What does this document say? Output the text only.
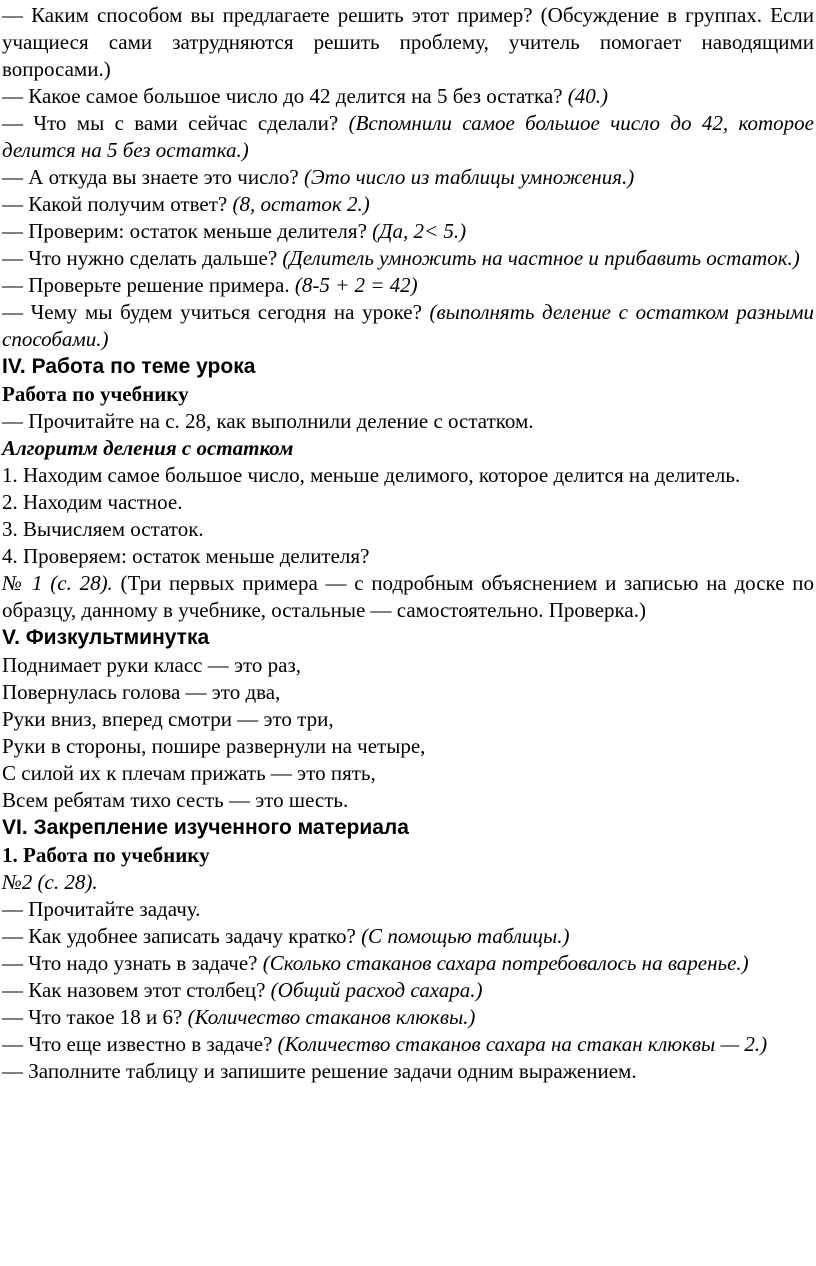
— Каким способом вы предлагаете решить этот пример? (Обсуждение в группах. Если учащиеся сами затрудняются решить проблему, учитель помогает наводящими вопросами.)

— Какое самое большое число до 42 делится на 5 без остатка? (40.)

— Что мы с вами сейчас сделали? (Вспомнили самое большое число до 42, которое делится на 5 без остатка.)

— А откуда вы знаете это число? (Это число из таблицы умножения.)

— Какой получим ответ? (8, остаток 2.)

— Проверим: остаток меньше делителя? (Да, 2< 5.)

— Что нужно сделать дальше? (Делитель умножить на частное и прибавить остаток.)

— Проверьте решение примера. (8-5 + 2 = 42)

— Чему мы будем учиться сегодня на уроке? (выполнять деление с остатком разными способами.)

IV. Работа по теме урока

Работа по учебнику

— Прочитайте на с. 28, как выполнили деление с остатком.

Алгоритм деления с остатком

1. Находим самое большое число, меньше делимого, которое делится на делитель.

2. Находим частное.

3. Вычисляем остаток.

4. Проверяем: остаток меньше делителя?

№ 1 (с. 28). (Три первых примера — с подробным объяснением и записью на доске по образцу, данному в учебнике, остальные — самостоятельно. Проверка.)

V. Физкультминутка

Поднимает руки класс — это раз,

Повернулась голова — это два,

Руки вниз, вперед смотри — это три,

Руки в стороны, пошире развернули на четыре,

С силой их к плечам прижать — это пять,

Всем ребятам тихо сесть — это шесть.

VI. Закрепление изученного материала

1. Работа по учебнику

№2 (с. 28).

— Прочитайте задачу.

— Как удобнее записать задачу кратко? (С помощью таблицы.)

— Что надо узнать в задаче? (Сколько стаканов сахара потребовалось на варенье.)

— Как назовем этот столбец? (Общий расход сахара.)

— Что такое 18 и 6? (Количество стаканов клюквы.)

— Что еще известно в задаче? (Количество стаканов сахара на стакан клюквы — 2.)

— Заполните таблицу и запишите решение задачи одним выражением.
